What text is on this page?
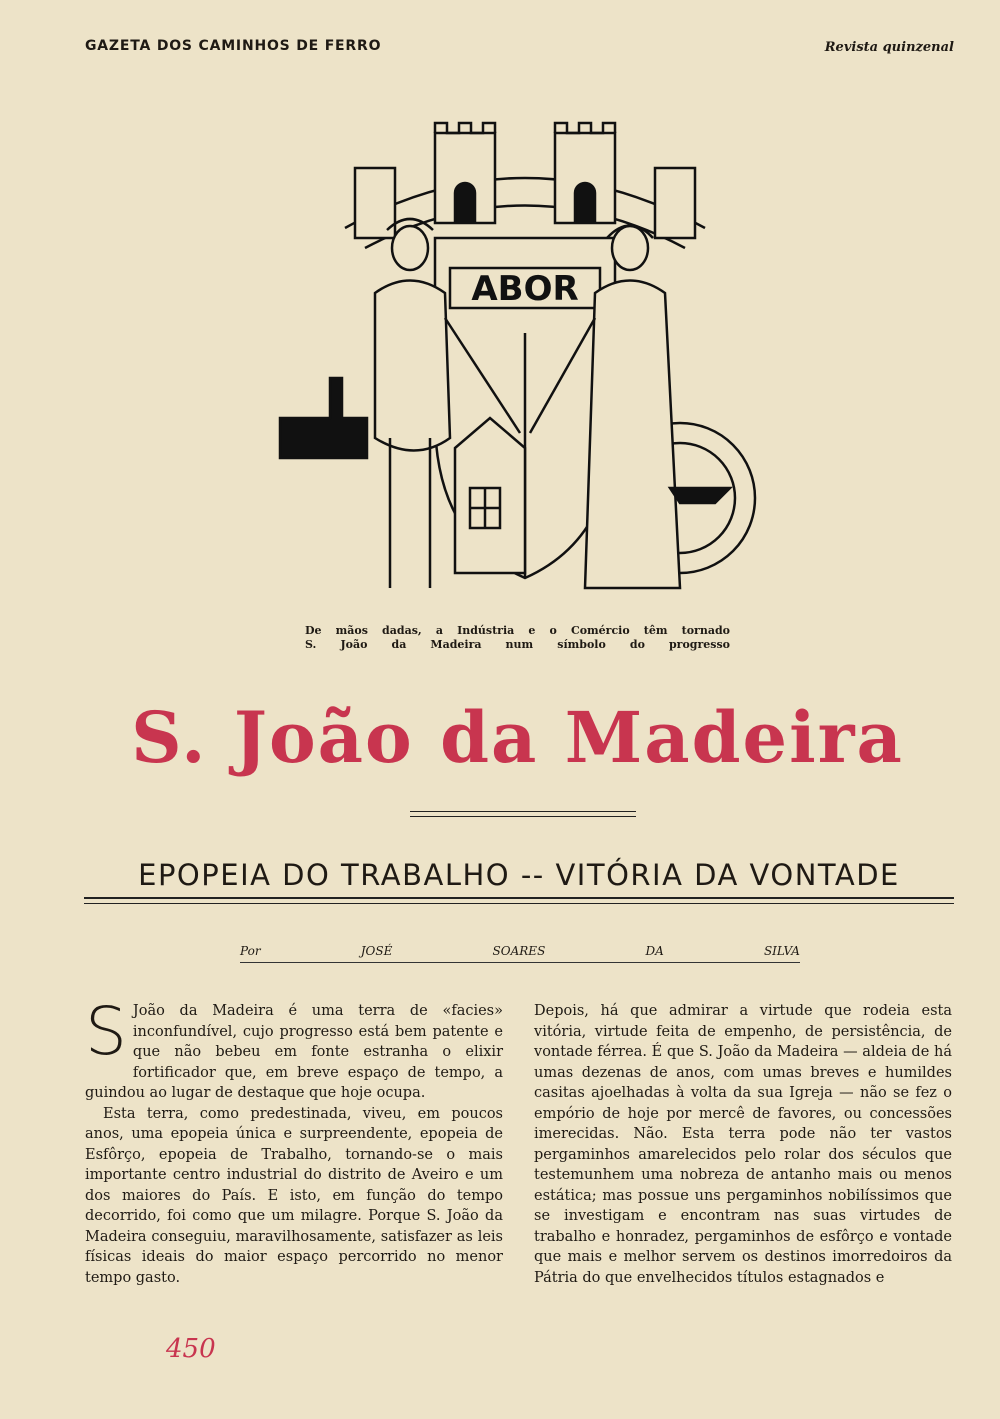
GAZETA DOS CAMINHOS DE FERRO	Revista quinzenal
ABOR
De mãos dadas, a Indústria e o Comércio têm tornado
S. João da Madeira num símbolo do progresso
S. João da Madeira
EPOPEIA DO TRABALHO -- VITÓRIA DA VONTADE
Por	JOSÉ	SOARES	DA	SILVA

S João da Madeira é uma terra de «facies» inconfundível, cujo progresso está bem patente e que não bebeu em fonte estranha o elixir fortificador que, em breve espaço de tempo, a guindou ao lugar de destaque que hoje ocupa.

Esta terra, como predestinada, viveu, em poucos anos, uma epopeia única e surpreendente, epopeia de Esfôrço, epopeia de Trabalho, tornando-se o mais importante centro industrial do distrito de Aveiro e um dos maiores do País. E isto, em função do tempo decorrido, foi como que um milagre. Porque S. João da Madeira conseguiu, maravilhosamente, satisfazer as leis físicas ideais do maior espaço percorrido no menor tempo gasto.

Depois, há que admirar a virtude que rodeia esta vitória, virtude feita de empenho, de persistência, de vontade férrea. É que S. João da Madeira — aldeia de há umas dezenas de anos, com umas breves e humildes casitas ajoelhadas à volta da sua Igreja — não se fez o empório de hoje por mercê de favores, ou concessões imerecidas. Não. Esta terra pode não ter vastos pergaminhos amarelecidos pelo rolar dos séculos que testemunhem uma nobreza de antanho mais ou menos estática; mas possue uns pergaminhos nobilíssimos que se investigam e encontram nas suas virtudes de trabalho e honradez, pergaminhos de esfôrço e vontade que mais e melhor servem os destinos imorredoiros da Pátria do que envelhecidos títulos estagnados e

450
